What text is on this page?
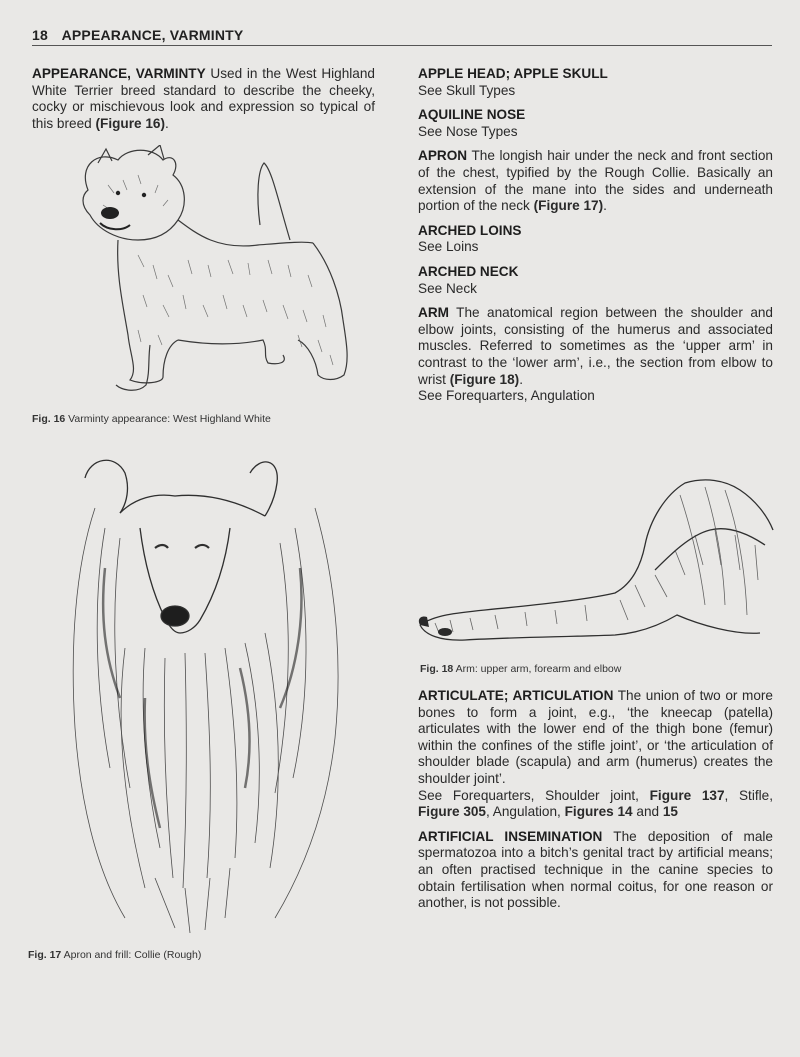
18 APPEARANCE, VARMINTY

APPEARANCE, VARMINTY Used in the West Highland White Terrier breed standard to describe the cheeky, cocky or mischievous look and expression so typical of this breed (Figure 16).

Fig. 16 Varminty appearance: West Highland White
Fig. 17 Apron and frill: Collie (Rough)

APPLE HEAD; APPLE SKULL
See Skull Types

AQUILINE NOSE
See Nose Types

APRON The longish hair under the neck and front section of the chest, typified by the Rough Collie. Basically an extension of the mane into the sides and underneath portion of the neck (Figure 17).

ARCHED LOINS
See Loins

ARCHED NECK
See Neck

ARM The anatomical region between the shoulder and elbow joints, consisting of the humerus and associated muscles. Referred to sometimes as the ‘upper arm’ in contrast to the ‘lower arm’, i.e., the section from elbow to wrist (Figure 18).
See Forequarters, Angulation

Fig. 18 Arm: upper arm, forearm and elbow

ARTICULATE; ARTICULATION The union of two or more bones to form a joint, e.g., ‘the kneecap (patella) articulates with the lower end of the thigh bone (femur) within the confines of the stifle joint’, or ‘the articulation of shoulder blade (scapula) and arm (humerus) creates the shoulder joint’.
See Forequarters, Shoulder joint, Figure 137, Stifle, Figure 305, Angulation, Figures 14 and 15

ARTIFICIAL INSEMINATION The deposition of male spermatozoa into a bitch’s genital tract by artificial means; an often practised technique in the canine species to obtain fertilisation when normal coitus, for one reason or another, is not possible.
